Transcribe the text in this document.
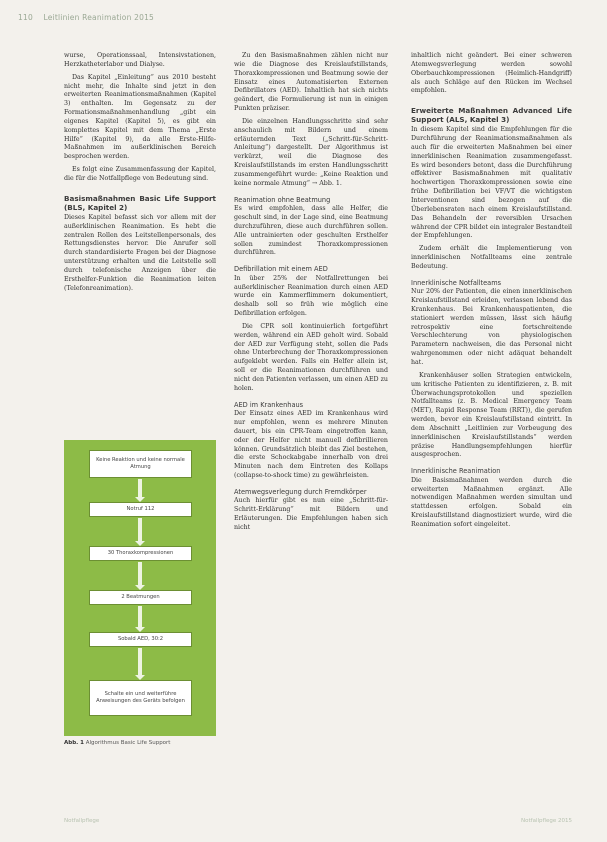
110 Leitlinien Reanimation 2015

wurse, Operationssaal, Intensivstationen, Herzkatheterlabor und Dialyse.

Das Kapitel „Einleitung“ aus 2010 besteht nicht mehr, die Inhalte sind jetzt in den erweiterten Reanimationsmaßnahmen (Kapitel 3) enthalten. Im Gegensatz zu der Formationsmaßnahmenhandlung „gibt ein eigenes Kapitel (Kapitel 5), es gibt ein komplettes Kapitel mit dem Thema „Erste Hilfe“ (Kapitel 9), da alle Erste-Hilfe-Maßnahmen im außerklinischen Bereich besprochen werden.

Es folgt eine Zusammenfassung der Kapitel, die für die Notfallpflege von Bedeutung sind.

Basismaßnahmen Basic Life Support (BLS, Kapitel 2)

Dieses Kapitel befasst sich vor allem mit der außerklinischen Reanimation. Es hebt die zentralen Rollen des Leitstellenpersonals, des Rettungsdienstes hervor. Die Anrufer soll durch standardisierte Fragen bei der Diagnose unterstützung erhalten und die Leitstelle soll durch telefonische Anzeigen über die Ersthelfer-Funktion die Reanimation leiten (Telefonreanimation).

Keine Reaktion und keine normale Atmung
Notruf 112
30 Thoraxkompressionen
2 Beatmungen
Sobald AED, 30:2
Schalte ein und weiterführe Anweisungen des Geräts befolgen
Abb. 1 Algorithmus Basic Life Support

Zu den Basismaßnahmen zählen nicht nur wie die Diagnose des Kreislaufstillstands, Thoraxkompressionen und Beatmung sowie der Einsatz eines Automatisierten Externen Defibrillators (AED). Inhaltlich hat sich nichts geändert, die Formulierung ist nun in einigen Punkten präziser.

Die einzelnen Handlungsschritte sind sehr anschaulich mit Bildern und einem erläuternden Text („Schritt-für-Schritt-Anleitung“) dargestellt. Der Algorithmus ist verkürzt, weil die Diagnose des Kreislaufstillstands im ersten Handlungsschritt zusammengeführt wurde: „Keine Reaktion und keine normale Atmung“ → Abb. 1.

Reanimation ohne Beatmung

Es wird empfohlen, dass alle Helfer, die geschult sind, in der Lage sind, eine Beatmung durchzuführen, diese auch durchführen sollen. Alle untrainierten oder geschulten Ersthelfer sollen zumindest Thoraxkompressionen durchführen.

Defibrillation mit einem AED

In über 25% der Notfallrettungen bei außerklinischer Reanimation durch einen AED wurde ein Kammerflimmern dokumentiert, deshalb soll so früh wie möglich eine Defibrillation erfolgen.

Die CPR soll kontinuierlich fortgeführt werden, während ein AED geholt wird. Sobald der AED zur Verfügung steht, sollen die Pads ohne Unterbrechung der Thoraxkompressionen aufgeklebt werden. Falls ein Helfer allein ist, soll er die Reanimationen durchführen und nicht den Patienten verlassen, um einen AED zu holen.

AED im Krankenhaus

Der Einsatz eines AED im Krankenhaus wird nur empfohlen, wenn es mehrere Minuten dauert, bis ein CPR-Team eingetroffen kann, oder der Helfer nicht manuell defibrillieren können. Grundsätzlich bleibt das Ziel bestehen, die erste Schockabgabe innerhalb von drei Minuten nach dem Eintreten des Kollaps (collapse-to-shock time) zu gewährleisten.

Atemwegsverlegung durch Fremdkörper

Auch hierfür gibt es nun eine „Schritt-für-Schritt-Erklärung“ mit Bildern und Erläuterungen. Die Empfehlungen haben sich nicht

inhaltlich nicht geändert. Bei einer schweren Atemwegsverlegung werden sowohl Oberbauchkompressionen (Heimlich-Handgriff) als auch Schläge auf den Rücken im Wechsel empfohlen.

Erweiterte Maßnahmen Advanced Life Support (ALS, Kapitel 3)

In diesem Kapitel sind die Empfehlungen für die Durchführung der Reanimationsmaßnahmen als auch für die erweiterten Maßnahmen bei einer innerklinischen Reanimation zusammengefasst. Es wird besonders betont, dass die Durchführung effektiver Basismaßnahmen mit qualitativ hochwertigen Thoraxkompressionen sowie eine frühe Defibrillation bei VF/VT die wichtigsten Interventionen sind bezogen auf die Überlebensraten nach einem Kreislaufstillstand. Das Behandeln der reversiblen Ursachen während der CPR bildet ein integraler Bestandteil der Empfehlungen.

Zudem erhält die Implementierung von innerklinischen Notfallteams eine zentrale Bedeutung.

Innerklinische Notfallteams

Nur 20% der Patienten, die einen innerklinischen Kreislaufstillstand erleiden, verlassen lebend das Krankenhaus. Bei Krankenhauspatienten, die stationiert werden müssen, lässt sich häufig retrospektiv eine fortschreitende Verschlechterung von physiologischen Parametern nachweisen, die das Personal nicht wahrgenommen oder nicht adäquat behandelt hat.

Krankenhäuser sollen Strategien entwickeln, um kritische Patienten zu identifizieren, z. B. mit Überwachungsprotokollen und speziellen Notfallteams (z. B. Medical Emergency Team (MET), Rapid Response Team (RRT)), die gerufen werden, bevor ein Kreislaufstillstand eintritt. In dem Abschnitt „Leitlinien zur Vorbeugung des innerklinischen Kreislaufstillstands“ werden präzise Handlungsempfehlungen hierfür ausgesprochen.

Innerklinische Reanimation

Die Basismaßnahmen werden durch die erweiterten Maßnahmen ergänzt. Alle notwendigen Maßnahmen werden simultan und stattdessen erfolgen. Sobald ein Kreislaufstillstand diagnostiziert wurde, wird die Reanimation sofort eingeleitet.

Notfallpflege	Notfallpflege 2015
